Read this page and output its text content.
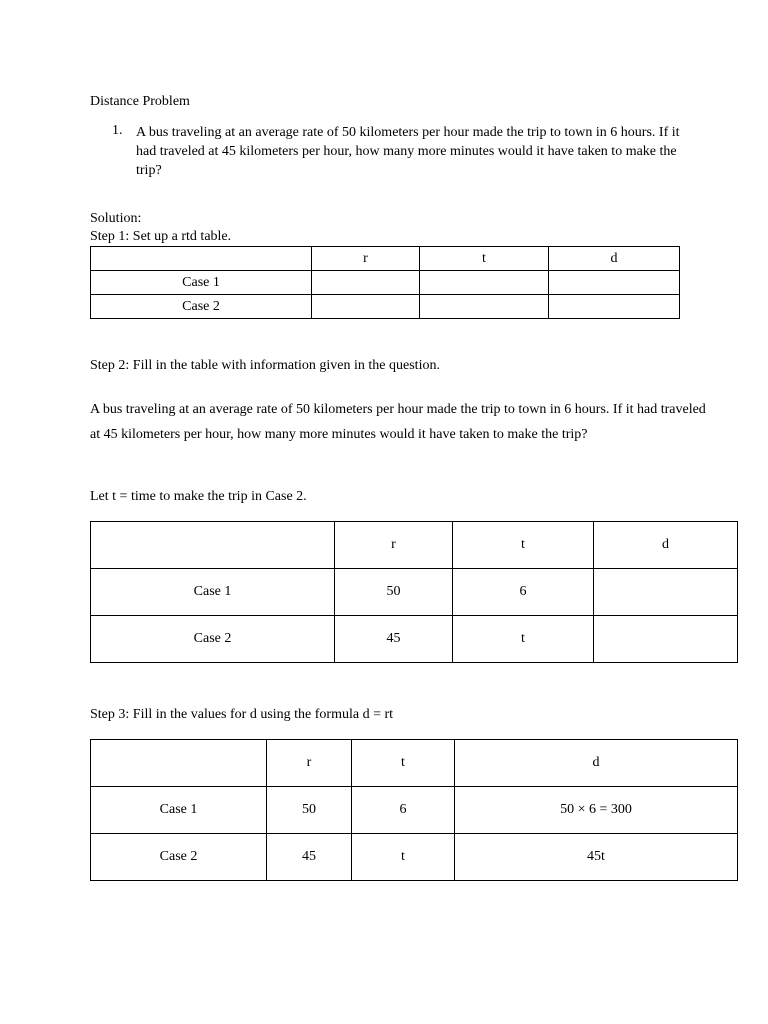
Distance Problem
1. A bus traveling at an average rate of 50 kilometers per hour made the trip to town in 6 hours. If it had traveled at 45 kilometers per hour, how many more minutes would it have taken to make the trip?
Solution:
Step 1: Set up a rtd table.
	r	t	d
Case 1			
Case 2			
Step 2: Fill in the table with information given in the question.
A bus traveling at an average rate of 50 kilometers per hour made the trip to town in 6 hours. If it had traveled at 45 kilometers per hour, how many more minutes would it have taken to make the trip?
Let t = time to make the trip in Case 2.
	r	t	d
Case 1	50	6	
Case 2	45	t	
Step 3: Fill in the values for d using the formula d = rt
	r	t	d
Case 1	50	6	50 × 6 = 300
Case 2	45	t	45t
